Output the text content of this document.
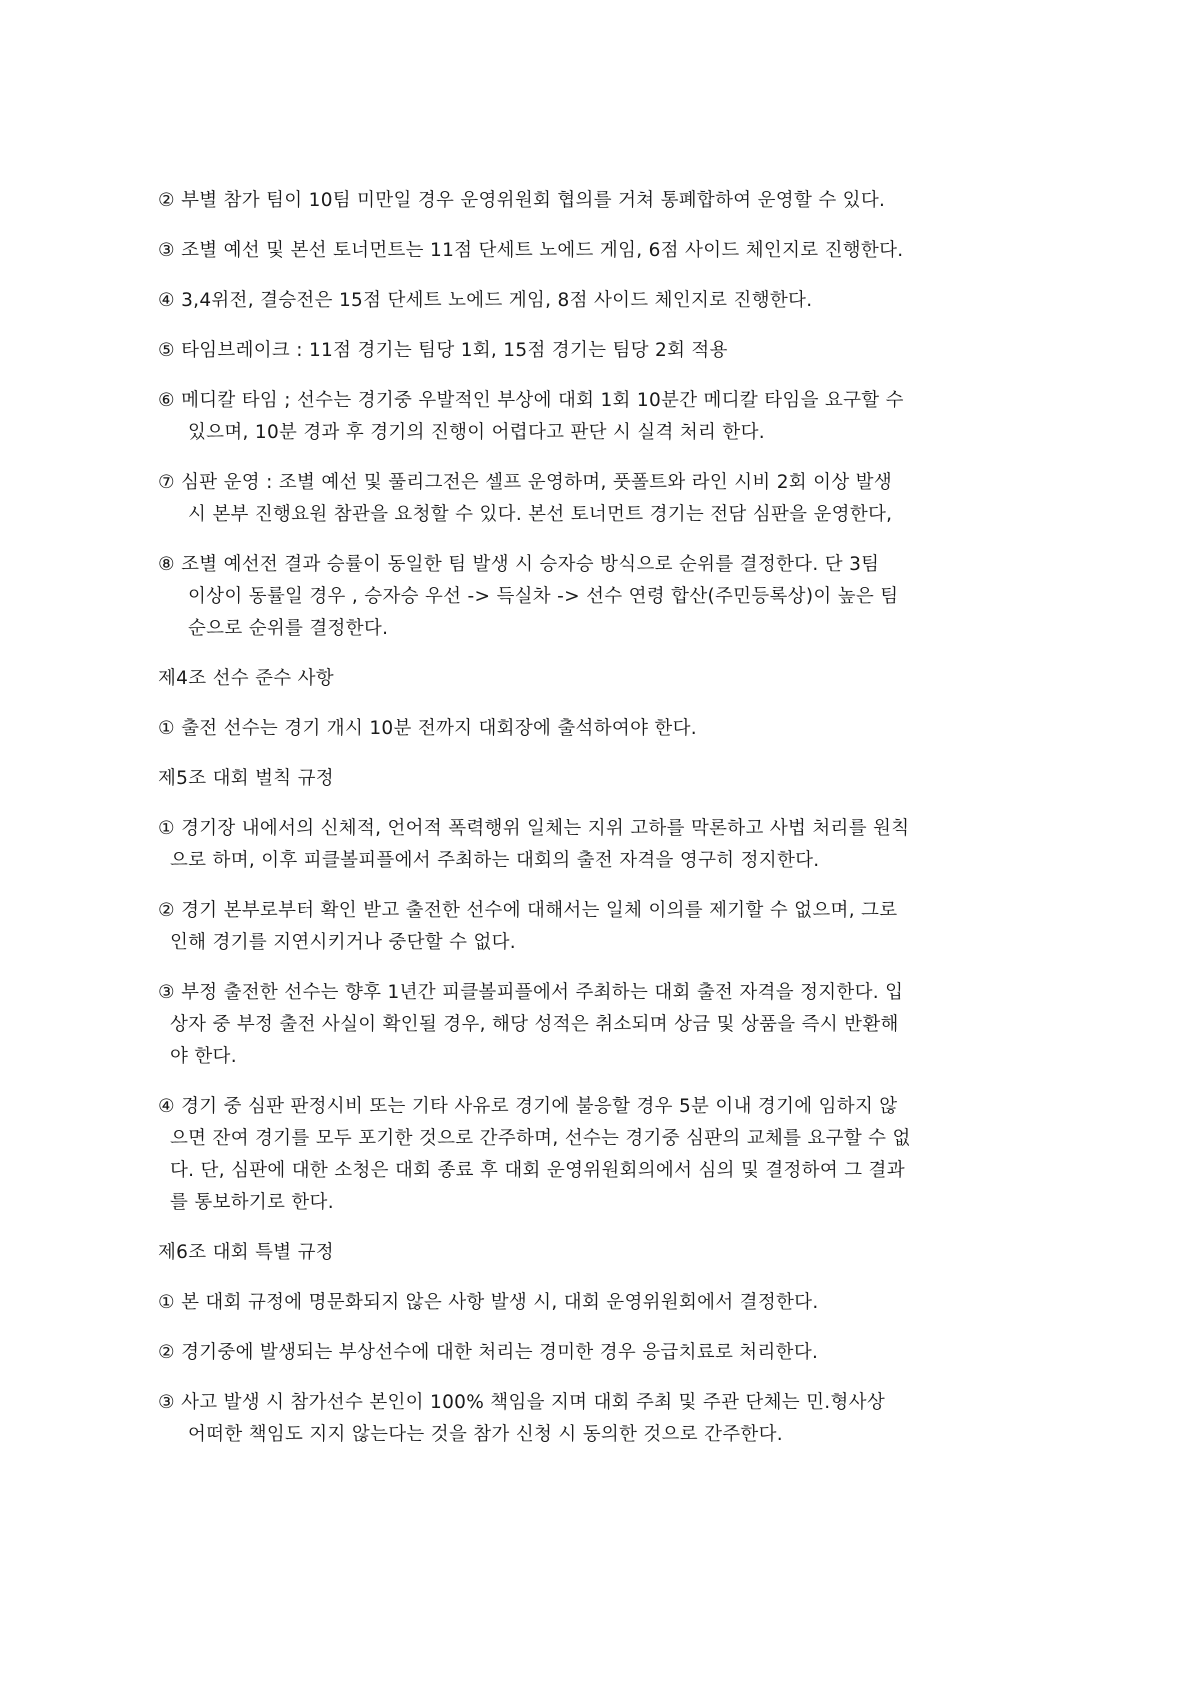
② 부별 참가 팀이 10팀 미만일 경우 운영위원회 협의를 거쳐 통폐합하여 운영할 수 있다.
③ 조별 예선 및 본선 토너먼트는 11점 단세트 노에드 게임, 6점 사이드 체인지로 진행한다.
④ 3,4위전, 결승전은 15점 단세트 노에드 게임, 8점 사이드 체인지로 진행한다.
⑤ 타임브레이크 : 11점 경기는 팀당 1회, 15점 경기는 팀당 2회 적용
⑥ 메디칼 타임 ; 선수는 경기중 우발적인 부상에 대회 1회 10분간 메디칼 타임을 요구할 수
있으며, 10분 경과 후 경기의 진행이 어렵다고 판단 시 실격 처리 한다.
⑦ 심판 운영 : 조별 예선 및 풀리그전은 셀프 운영하며, 풋폴트와 라인 시비 2회 이상 발생
시 본부 진행요원 참관을 요청할 수 있다. 본선 토너먼트 경기는 전담 심판을 운영한다,
⑧ 조별 예선전 결과 승률이 동일한 팀 발생 시 승자승 방식으로 순위를 결정한다. 단 3팀
이상이 동률일 경우 , 승자승 우선 -> 득실차 -> 선수 연령 합산(주민등록상)이 높은 팀
순으로 순위를 결정한다.
제4조 선수 준수 사항
① 출전 선수는 경기 개시 10분 전까지 대회장에 출석하여야 한다.
제5조 대회 벌칙 규정
① 경기장 내에서의 신체적, 언어적 폭력행위 일체는 지위 고하를 막론하고 사법 처리를 원칙
으로 하며, 이후 피클볼피플에서 주최하는 대회의 출전 자격을 영구히 정지한다.
② 경기 본부로부터 확인 받고 출전한 선수에 대해서는 일체 이의를 제기할 수 없으며, 그로
인해 경기를 지연시키거나 중단할 수 없다.
③ 부정 출전한 선수는 향후 1년간 피클볼피플에서 주최하는 대회 출전 자격을 정지한다. 입
상자 중 부정 출전 사실이 확인될 경우, 해당 성적은 취소되며 상금 및 상품을 즉시 반환해
야 한다.
④ 경기 중 심판 판정시비 또는 기타 사유로 경기에 불응할 경우 5분 이내 경기에 임하지 않
으면 잔여 경기를 모두 포기한 것으로 간주하며, 선수는 경기중 심판의 교체를 요구할 수 없
다. 단, 심판에 대한 소청은 대회 종료 후 대회 운영위원회의에서 심의 및 결정하여 그 결과
를 통보하기로 한다.
제6조 대회 특별 규정
① 본 대회 규정에 명문화되지 않은 사항 발생 시, 대회 운영위원회에서 결정한다.
② 경기중에 발생되는 부상선수에 대한 처리는 경미한 경우 응급치료로 처리한다.
③ 사고 발생 시 참가선수 본인이 100% 책임을 지며 대회 주최 및 주관 단체는 민.형사상
어떠한 책임도 지지 않는다는 것을 참가 신청 시 동의한 것으로 간주한다.
